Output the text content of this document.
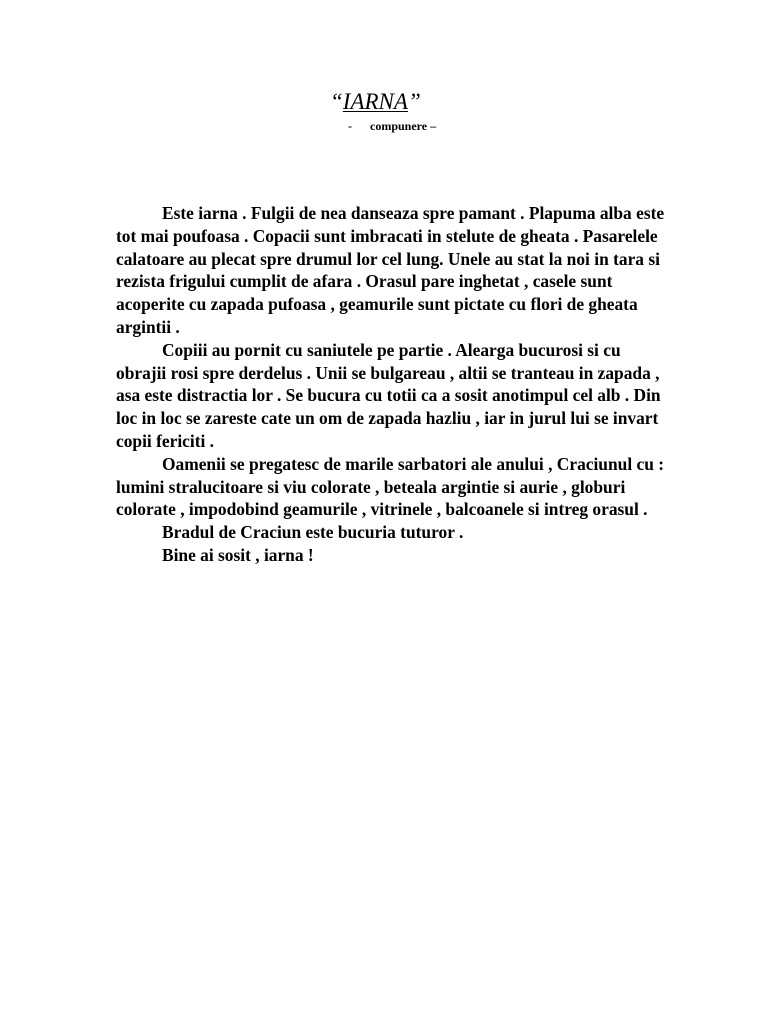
“IARNA”
- compunere –

Este iarna . Fulgii de nea danseaza spre pamant . Plapuma alba este tot mai poufoasa . Copacii sunt imbracati in stelute de gheata . Pasarelele calatoare au plecat spre drumul lor cel lung. Unele au stat la noi in tara si rezista frigului cumplit de afara . Orasul pare inghetat , casele sunt acoperite cu zapada pufoasa , geamurile sunt pictate cu flori de gheata argintii .

Copiii au pornit cu saniutele pe partie . Alearga bucurosi si cu obrajii rosi spre derdelus . Unii se bulgareau , altii se tranteau in zapada , asa este distractia lor . Se bucura cu totii ca a sosit anotimpul cel alb . Din loc in loc se zareste cate un om de zapada hazliu , iar in jurul lui se invart copii fericiti .

Oamenii se pregatesc de marile sarbatori ale anului , Craciunul cu : lumini stralucitoare si viu colorate , beteala argintie si aurie , globuri colorate , impodobind geamurile , vitrinele , balcoanele si intreg orasul .

Bradul de Craciun este bucuria tuturor .

Bine ai sosit , iarna !
